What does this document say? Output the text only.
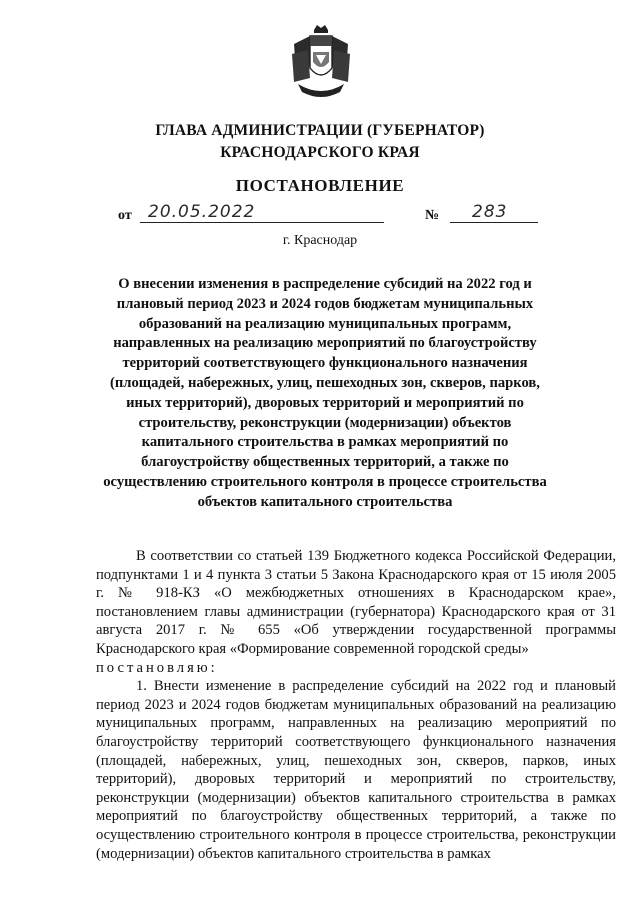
ГЛАВА АДМИНИСТРАЦИИ (ГУБЕРНАТОР)
КРАСНОДАРСКОГО КРАЯ
ПОСТАНОВЛЕНИЕ
от 20.05.2022	№ 283
г. Краснодар
О внесении изменения в распределение субсидий на 2022 год и плановый период 2023 и 2024 годов бюджетам муниципальных образований на реализацию муниципальных программ, направленных на реализацию мероприятий по благоустройству территорий соответствующего функционального назначения (площадей, набережных, улиц, пешеходных зон, скверов, парков, иных территорий), дворовых территорий и мероприятий по строительству, реконструкции (модернизации) объектов капитального строительства в рамках мероприятий по благоустройству общественных территорий, а также по осуществлению строительного контроля в процессе строительства объектов капитального строительства

В соответствии со статьей 139 Бюджетного кодекса Российской Федерации, подпунктами 1 и 4 пункта 3 статьи 5 Закона Краснодарского края от 15 июля 2005 г. № 918-КЗ «О межбюджетных отношениях в Краснодарском крае», постановлением главы администрации (губернатора) Краснодарского края от 31 августа 2017 г. № 655 «Об утверждении государственной программы Краснодарского края «Формирование современной городской среды»

постановляю:

1. Внести изменение в распределение субсидий на 2022 год и плановый период 2023 и 2024 годов бюджетам муниципальных образований на реализацию муниципальных программ, направленных на реализацию мероприятий по благоустройству территорий соответствующего функционального назначения (площадей, набережных, улиц, пешеходных зон, скверов, парков, иных территорий), дворовых территорий и мероприятий по строительству, реконструкции (модернизации) объектов капитального строительства в рамках мероприятий по благоустройству общественных территорий, а также по осуществлению строительного контроля в процессе строительства, реконструкции (модернизации) объектов капитального строительства в рамках
